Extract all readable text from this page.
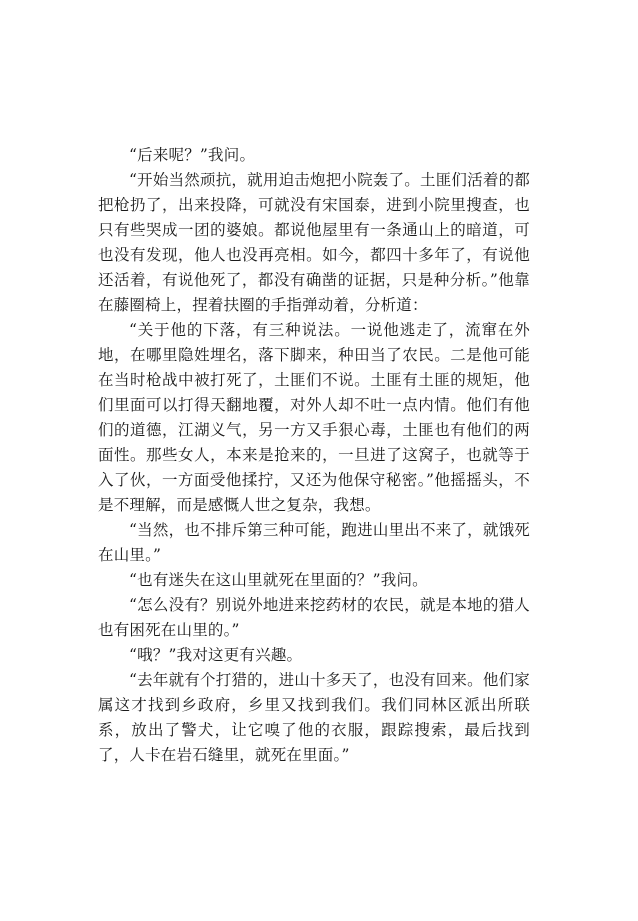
“后来呢？”我问。

“开始当然顽抗，就用迫击炮把小院轰了。土匪们活着的都把枪扔了，出来投降，可就没有宋国泰，进到小院里搜查，也只有些哭成一团的婆娘。都说他屋里有一条通山上的暗道，可也没有发现，他人也没再亮相。如今，都四十多年了，有说他还活着，有说他死了，都没有确凿的证据，只是种分析。”他靠在藤圈椅上，捏着扶圈的手指弹动着，分析道：

“关于他的下落，有三种说法。一说他逃走了，流窜在外地，在哪里隐姓埋名，落下脚来，种田当了农民。二是他可能在当时枪战中被打死了，土匪们不说。土匪有土匪的规矩，他们里面可以打得天翻地覆，对外人却不吐一点内情。他们有他们的道德，江湖义气，另一方又手狠心毒，土匪也有他们的两面性。那些女人，本来是抢来的，一旦进了这窝子，也就等于入了伙，一方面受他揉拧，又还为他保守秘密。”他摇摇头，不是不理解，而是感慨人世之复杂，我想。

“当然，也不排斥第三种可能，跑进山里出不来了，就饿死在山里。”

“也有迷失在这山里就死在里面的？”我问。

“怎么没有？别说外地进来挖药材的农民，就是本地的猎人也有困死在山里的。”

“哦？”我对这更有兴趣。

“去年就有个打猎的，进山十多天了，也没有回来。他们家属这才找到乡政府，乡里又找到我们。我们同林区派出所联系，放出了警犬，让它嗅了他的衣服，跟踪搜索，最后找到了，人卡在岩石缝里，就死在里面。”
